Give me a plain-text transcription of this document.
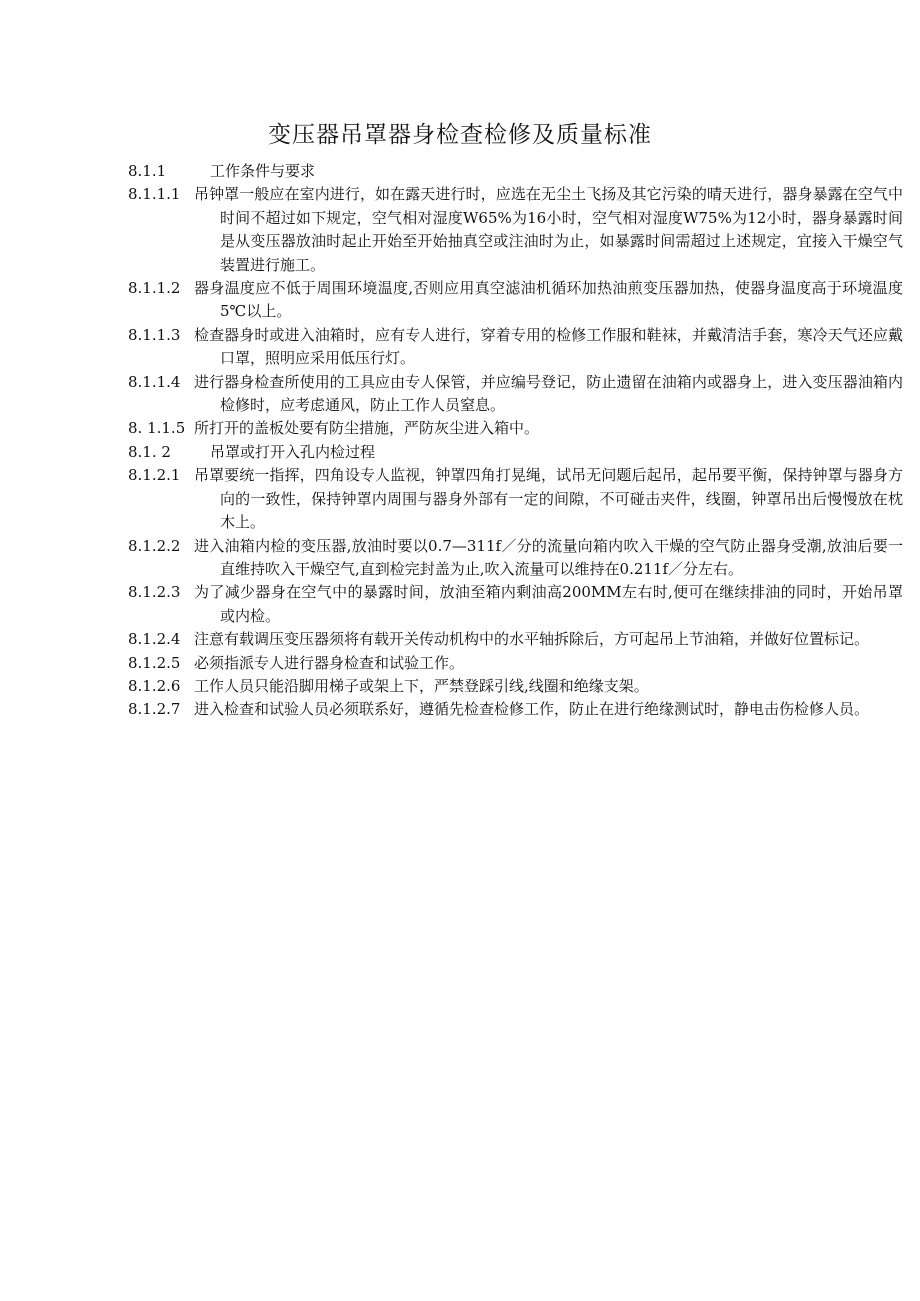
变压器吊罩器身检查检修及质量标准
8.1.1	工作条件与要求
8.1.1.1 吊钟罩一般应在室内进行，如在露天进行时，应选在无尘土飞扬及其它污染的晴天进行，器身暴露在空气中时间不超过如下规定，空气相对湿度W65%为16小时，空气相对湿度W75%为12小时，器身暴露时间是从变压器放油时起止开始至开始抽真空或注油时为止，如暴露时间需超过上述规定，宜接入干燥空气装置进行施工。
8.1.1.2 器身温度应不低于周围环境温度,否则应用真空滤油机循环加热油煎变压器加热，使器身温度高于环境温度5℃以上。
8.1.1.3 检查器身时或进入油箱时，应有专人进行，穿着专用的检修工作服和鞋袜，并戴清洁手套，寒冷天气还应戴口罩，照明应采用低压行灯。
8.1.1.4 进行器身检查所使用的工具应由专人保管，并应编号登记，防止遗留在油箱内或器身上，进入变压器油箱内检修时，应考虑通风，防止工作人员窒息。
8. 1.1.5 所打开的盖板处要有防尘措施，严防灰尘进入箱中。
8.1. 2	吊罩或打开入孔内检过程
8.1.2.1 吊罩要统一指挥，四角设专人监视，钟罩四角打晃绳，试吊无问题后起吊，起吊要平衡，保持钟罩与器身方向的一致性，保持钟罩内周围与器身外部有一定的间隙，不可碰击夹件，线圈，钟罩吊出后慢慢放在枕木上。
8.1.2.2 进入油箱内检的变压器,放油时要以0.7—311f／分的流量向箱内吹入干燥的空气防止器身受潮,放油后要一直维持吹入干燥空气,直到检完封盖为止,吹入流量可以维持在0.211f／分左右。
8.1.2.3 为了减少器身在空气中的暴露时间，放油至箱内剩油高200MM左右时,便可在继续排油的同时，开始吊罩或内检。
8.1.2.4 注意有载调压变压器须将有载开关传动机构中的水平轴拆除后，方可起吊上节油箱，并做好位置标记。
8.1.2.5 必须指派专人进行器身检查和试验工作。
8.1.2.6 工作人员只能沿脚用梯子或架上下，严禁登踩引线,线圈和绝缘支架。
8.1.2.7 进入检查和试验人员必须联系好，遵循先检查检修工作，防止在进行绝缘测试时，静电击伤检修人员。
